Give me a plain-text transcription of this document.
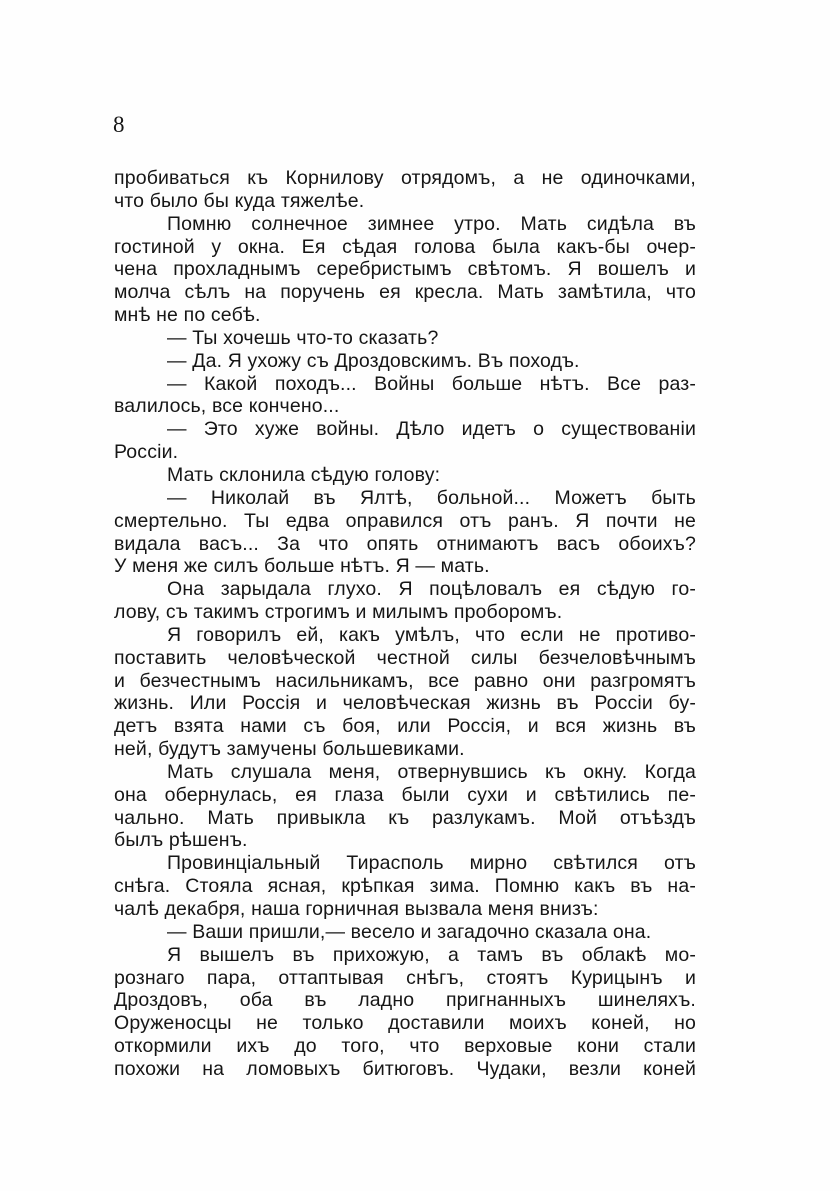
8
пробиваться къ Корнилову отрядомъ, а не одиночками,
что было бы куда тяжелѣе.
Помню солнечное зимнее утро. Мать сидѣла въ
гостиной у окна. Ея сѣдая голова была какъ-бы очер-
чена прохладнымъ серебристымъ свѣтомъ. Я вошелъ и
молча сѣлъ на поручень ея кресла. Мать замѣтила, что
мнѣ не по себѣ.
— Ты хочешь что-то сказать?
— Да. Я ухожу съ Дроздовскимъ. Въ походъ.
— Какой походъ... Войны больше нѣтъ. Все раз-
валилось, все кончено...
— Это хуже войны. Дѣло идетъ о существованіи
Россіи.
Мать склонила сѣдую голову:
— Николай въ Ялтѣ, больной... Можетъ быть
смертельно. Ты едва оправился отъ ранъ. Я почти не
видала васъ... За что опять отнимаютъ васъ обоихъ?
У меня же силъ больше нѣтъ. Я — мать.
Она зарыдала глухо. Я поцѣловалъ ея сѣдую го-
лову, съ такимъ строгимъ и милымъ проборомъ.
Я говорилъ ей, какъ умѣлъ, что если не противо-
поставить человѣческой честной силы безчеловѣчнымъ
и безчестнымъ насильникамъ, все равно они разгромятъ
жизнь. Или Россія и человѣческая жизнь въ Россіи бу-
детъ взята нами съ боя, или Россія, и вся жизнь въ
ней, будутъ замучены большевиками.
Мать слушала меня, отвернувшись къ окну. Когда
она обернулась, ея глаза были сухи и свѣтились пе-
чально. Мать привыкла къ разлукамъ. Мой отъѣздъ
былъ рѣшенъ.
Провинціальный Тирасполь мирно свѣтился отъ
снѣга. Стояла ясная, крѣпкая зима. Помню какъ въ на-
чалѣ декабря, наша горничная вызвала меня внизъ:
— Ваши пришли,— весело и загадочно сказала она.
Я вышелъ въ прихожую, а тамъ въ облакѣ мо-
рознаго пара, оттаптывая снѣгъ, стоятъ Курицынъ и
Дроздовъ, оба въ ладно пригнанныхъ шинеляхъ.
Оруженосцы не только доставили моихъ коней, но
откормили ихъ до того, что верховые кони стали
похожи на ломовыхъ битюговъ. Чудаки, везли коней
